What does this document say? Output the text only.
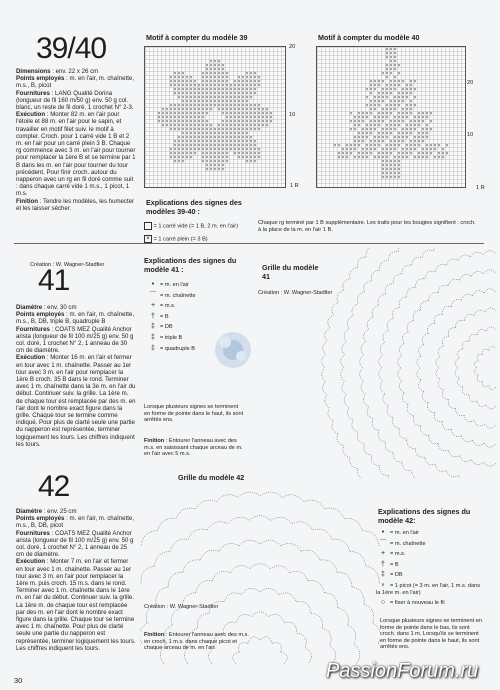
39/40
Dimensions : env. 22 x 26 cm
Points employés : m. en l'air, m. chaînette, m.s., B, picot
Fournitures : LANG Qualité Dorina (longueur de fil 160 m/50 g) env. 50 g col. blanc, un reste de fil doré, 1 crochet N° 2-3.
Exécution : Monter 82 m. en l'air pour l'étoile et 88 m. en l'air pour le sapin, et travailler en motif filet suiv. le motif à compter. Croch. pour 1 carré vide 1 B et 2 m. en l'air pour un carré plein 3 B. Chaque rg commence avec 3 m. en l'air pour tourner pour remplacer la 1ère B et se termine par 1 B dans les m. en l'air pour tourner du tour précédent. Pour finir croch. autour du napperon avec un rg en fil doré comme suit : dans chaque carré vide 1 m.s., 1 picot, 1 m.s.
Finition : Tendre les modèles, les humecter et les laisser sécher.
Création : W. Wagner-Stadtler
Motif à compter du modèle 39	Motif à compter du modèle 40
× × ×
× × × × ×
× × × × ×
× × ×	× × × × × × ×	× × ×
× × × × × × × × × × × × × × × × × × ×
× × × × × × × × × × × × × × × × × × × × ×
× × × × × × × × × × × × × × × × × × × × × × ×
× × × × × × × × × × × × × × × × × × × × ×
× × × × × × × × × × × × × × × × × × × × ×
× × × × × × × × × × × × × × × × × × ×
× × × × × × × × × × × × × × × × ×
× × × × × × × × × × × × × × × × × × × × × × ×
× × × × × × × × × × × × × × × × × × × × × × × × × ×
× × × × × × × × × × × × ×	× × × × × × × × × × × × ×
× × × × × × × × × × × ×	× × × × × × × × × × × ×
× × × × × × × × × × × × ×	× × × × × × × × × × × × ×
× × × × × × × × × × × × × × × × × × × × × × × × × ×
× × × × × × × × × × × × × × × × × × × × × × ×
× × × × × × × × × × × × × × × × ×
× × × × × × × × × × × × × × × × × × ×
× × × × × × × × × × × × × × × × × × × × ×
× × × × × × × × × × × × × × × × × × × × ×
× × × × × × × × × × × × × × × × × × × × × × ×
× × × × × × × × × × × × × × × × × × × × ×
× × × × × × × × × × × × × × × × × × ×
× × ×	× × × × × × ×	× × ×
× × × × ×
× × × × ×
20
10
1 R
× × ×
× × ×
× × ×
× ×
× × × ×
× × ×
× × × ×
× ×
× × × × × × × × × ×
× × × × × × × × ×
× × × × × × × × × × ×
× × × × × × × × ×
× × × × × × × × × ×
× × × × × × × × ×
× × × × × × × × × × ×
× × × × × × × × ×
× × × × × × × × × × × × × × × × ×
× × × × × × × × × × × × × × × ×
× × × × × × × × × × × × × × × × ×
× × × × × × × × × × × × × × ×
× × × × × × × × × × × × × × × × ×
× × × × × × × × × × × × × × ×
× × × × × × × × × × × × × × × ×
× × × × × × × × × × × × × × ×
× × × × × × × × × × × × × × × × × × × × × × ×
× × × × × × × × × × × × × × × × × × × × ×
× × × × × × × × × × × × × × × × × × × × × × ×
× × × × × × × × × × × × × × × × × × × × × ×
× × × × ×
× × × × ×
× × × × ×
× × × × ×
× × × × ×
20
10
1 R
Explications des signes des modèles 39-40 :
= 1 carré vide (= 1 B, 2 m. en l'air)
× = 1 carré plein (= 3 B)
Chaque rg terminé par 1 B supplémentaire. Les traits pour les bougies signifient : croch. à la place de la m. en l'air 1 B.
41
Diamètre : env. 30 cm
Points employés : m. en l'air, m. chaînette, m.s., B, DB, triple B, quadruple B
Fournitures : COATS MEZ Qualité Anchor arista (longueur de fil 100 m/25 g) env. 50 g col. doré, 1 crochet N° 2, 1 anneau de 30 cm de diamètre.
Exécution : Monter 16 m. en l'air et fermer en tour avec 1 m. chaînette. Passer au 1er tour avec 3 m. en l'air pour remplacer la 1ère B croch. 35 B dans le rond. Terminer avec 1 m. chaînette dans la 3e m. en l'air du début. Continuer suiv. la grille. La 1ère m. de chaque tour est remplacée par des m. en l'air dont le nombre exact figure dans la grille. Chaque tour se termine comme indiqué. Pour plus de clarté seule une partie du napperon est représentée, terminer logiquement les tours. Les chiffres indiquent les tours.
Explications des signes du modèle 41 :
• = m. en l'air
⌒ = m. chaînette
+ = m.s.
† = B
‡ = DB
‡ = triple B
‡ = quadruple B
Grille du modèle 41
Création : W. Wagner-Stadtler
Lorsque plusieurs signes se terminent en forme de pointe dans le haut, ils sont arrêtés ens.
Finition : Entourer l'anneau avec des m.s. en saisissant chaque arceau de m. en l'air avec 5 m.s.
42
Diamètre : env. 25 cm
Points employés : m. en l'air, m. chaînette, m.s., B, DB, picot
Fournitures : COATS MEZ Qualité Anchor arista (longueur de fil 100 m/25 g) env. 50 g col. doré, 1 crochet N° 2, 1 anneau de 25 cm de diamètre.
Exécution : Monter 7 m. en l'air et fermer en tour avec 1 m. chaînette. Passer au 1er tour avec 3 m. en l'air pour remplacer la 1ère m. puis croch. 15 m.s. dans le rond. Terminer avec 1 m. chaînette dans le 1ère m. en l'air du début. Continuer suiv. la grille. La 1ère m. de chaque tour est remplacée par des m. en l'air dont le nombre exact figure dans la grille. Chaque tour se termine avec 1 m. chaînette. Pour plus de clarté seule une partie du napperon est représentée, terminer logiquement les tours. Les chiffres indiquent les tours.
Grille du modèle 42
Création : W. Wagner-Stadtler
Finition : Entourer l'anneau avec des m.s. en croch. 1 m.s. dans chaque picot et chaque arceau de m. en l'air.
Explications des signes du modèle 42:
• = m. en l'air
⌒ = m. chaînette
+ = m.s.
† = B
‡ = DB
♀ = 1 picot (= 3 m. en l'air, 1 m.s. dans la 1ère m. en l'air)
○ = fixer à nouveau le fil
Lorsque plusieurs signes se terminent en forme de pointe dans le bas, ils sont croch. dans 1 m. Lorsqu'ils se terminent en forme de pointe dans le haut, ils sont arrêtés ens.
30	PassionForum.ru
